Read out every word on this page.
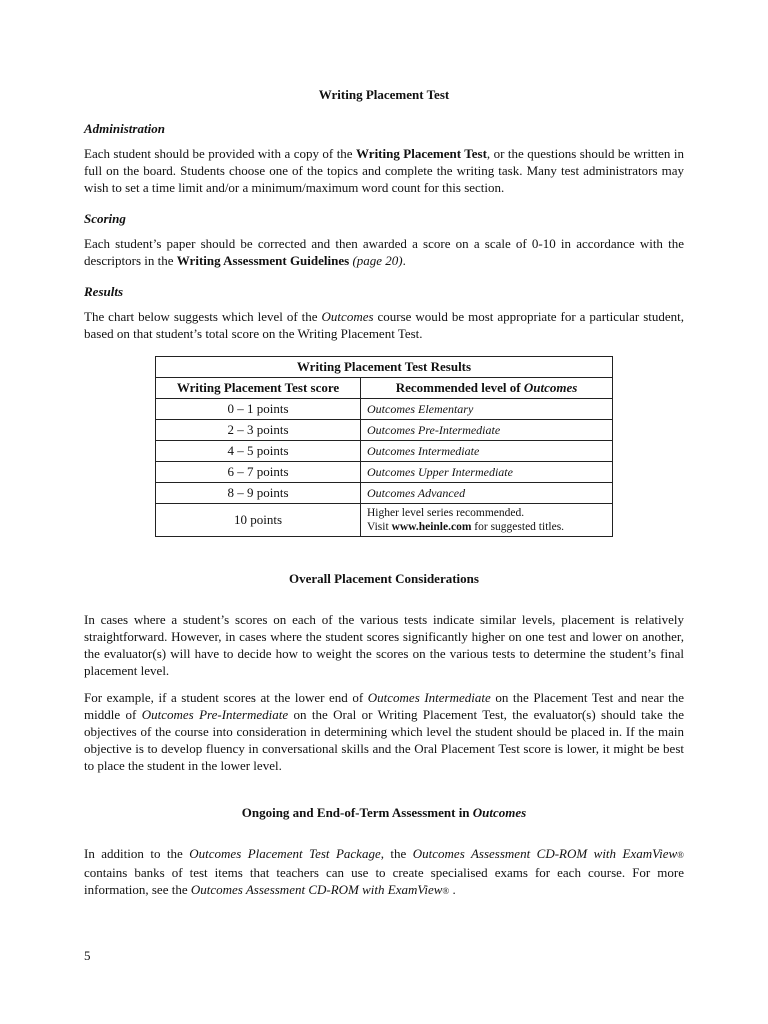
Writing Placement Test
Administration

Each student should be provided with a copy of the Writing Placement Test, or the questions should be written in full on the board. Students choose one of the topics and complete the writing task. Many test administrators may wish to set a time limit and/or a minimum/maximum word count for this section.

Scoring

Each student’s paper should be corrected and then awarded a score on a scale of 0-10 in accordance with the descriptors in the Writing Assessment Guidelines (page 20).

Results

The chart below suggests which level of the Outcomes course would be most appropriate for a particular student, based on that student’s total score on the Writing Placement Test.

Writing Placement Test Results	
Writing Placement Test score	Recommended level of Outcomes
0 – 1 points	Outcomes Elementary
2 – 3 points	Outcomes Pre-Intermediate
4 – 5 points	Outcomes Intermediate
6 – 7 points	Outcomes Upper Intermediate
8 – 9 points	Outcomes Advanced
10 points	Higher level series recommended.
Visit www.heinle.com for suggested titles.
Overall Placement Considerations

In cases where a student’s scores on each of the various tests indicate similar levels, placement is relatively straightforward. However, in cases where the student scores significantly higher on one test and lower on another, the evaluator(s) will have to decide how to weight the scores on the various tests to determine the student’s final placement level.

For example, if a student scores at the lower end of Outcomes Intermediate on the Placement Test and near the middle of Outcomes Pre-Intermediate on the Oral or Writing Placement Test, the evaluator(s) should take the objectives of the course into consideration in determining which level the student should be placed in. If the main objective is to develop fluency in conversational skills and the Oral Placement Test score is lower, it might be best to place the student in the lower level.

Ongoing and End-of-Term Assessment in Outcomes

In addition to the Outcomes Placement Test Package, the Outcomes Assessment CD-ROM with ExamView® contains banks of test items that teachers can use to create specialised exams for each course. For more information, see the Outcomes Assessment CD-ROM with ExamView® .

5
